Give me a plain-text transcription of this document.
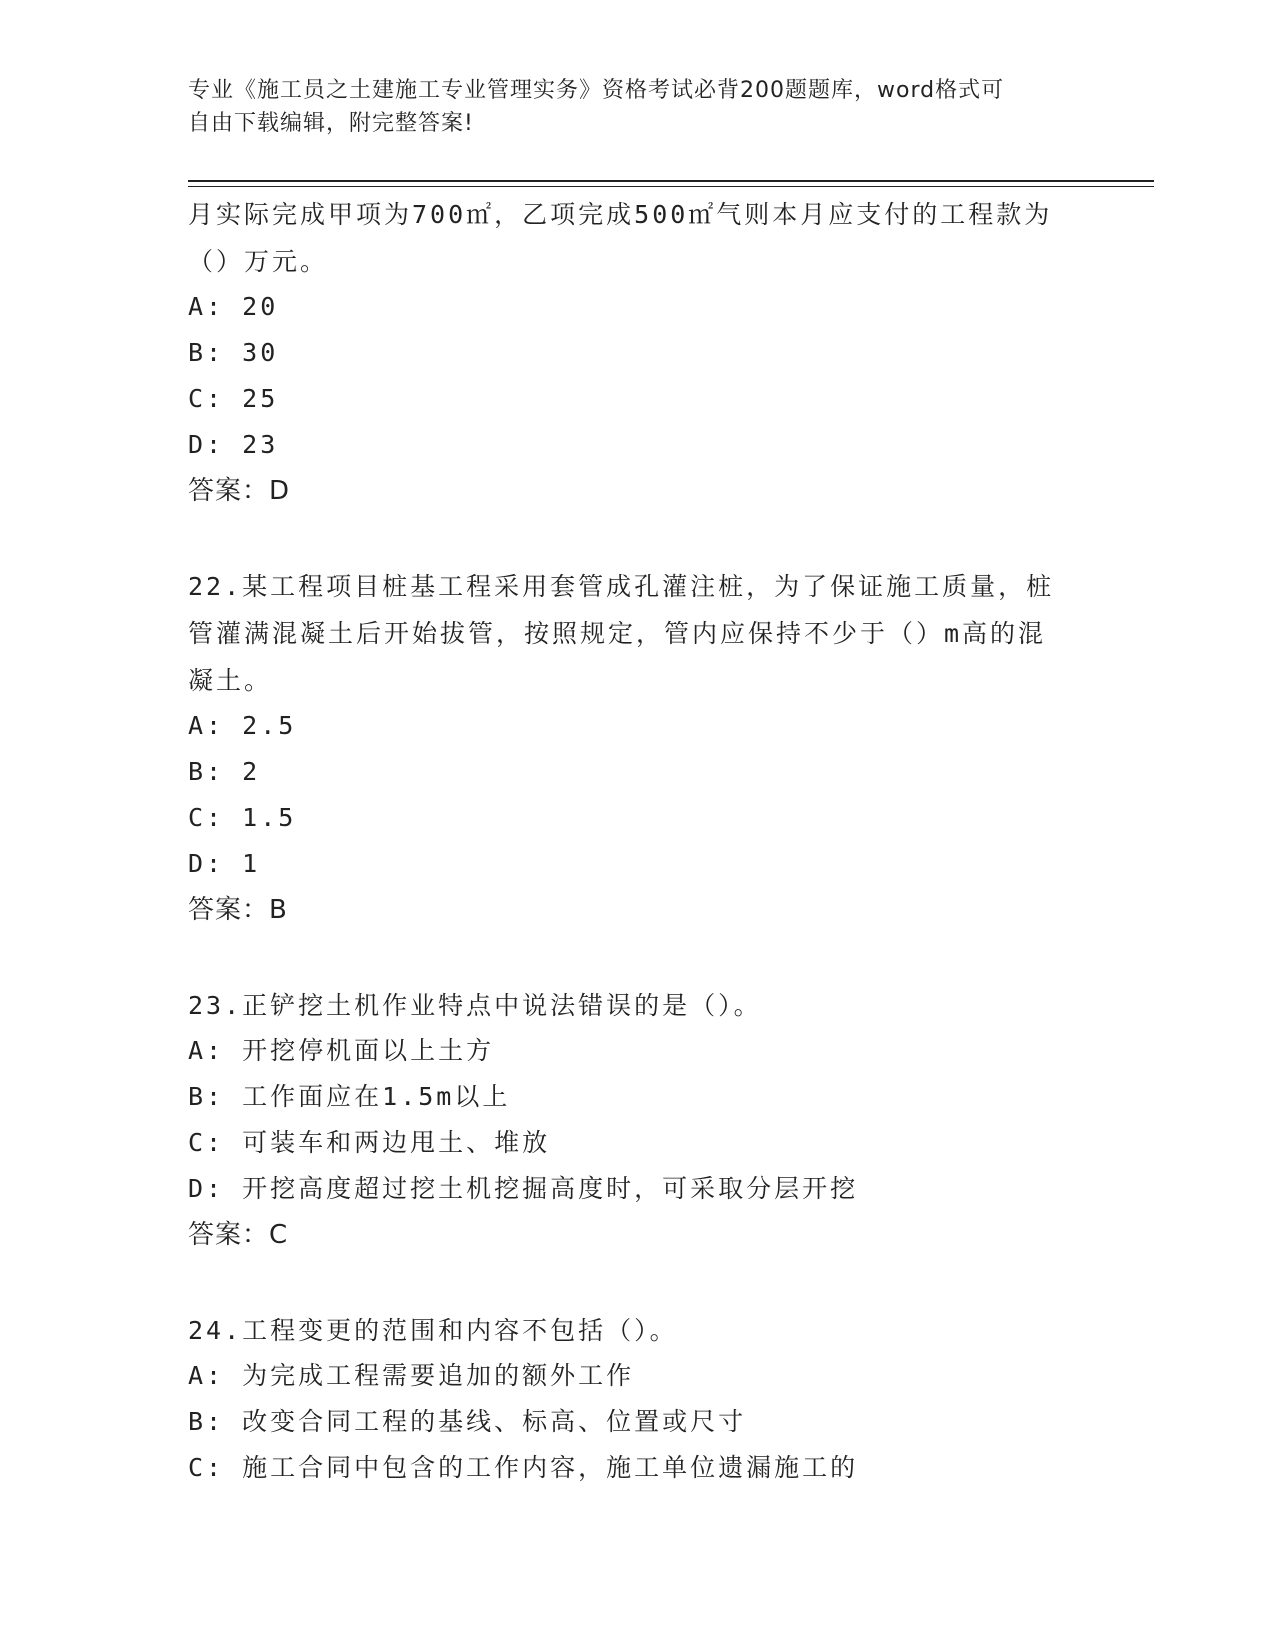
专业《施工员之土建施工专业管理实务》资格考试必背200题题库，word格式可
自由下载编辑，附完整答案!

月实际完成甲项为700㎡，乙项完成500㎡气则本月应支付的工程款为

（）万元。

A: 20

B: 30

C: 25

D: 23

答案：D

22.某工程项目桩基工程采用套管成孔灌注桩，为了保证施工质量，桩

管灌满混凝土后开始拔管，按照规定，管内应保持不少于（）m高的混

凝土。

A: 2.5

B: 2

C: 1.5

D: 1

答案：B

23.正铲挖土机作业特点中说法错误的是（）。

A: 开挖停机面以上土方

B: 工作面应在1.5m以上

C: 可装车和两边甩土、堆放

D: 开挖高度超过挖土机挖掘高度时，可采取分层开挖

答案：C

24.工程变更的范围和内容不包括（）。

A: 为完成工程需要追加的额外工作

B: 改变合同工程的基线、标高、位置或尺寸

C: 施工合同中包含的工作内容，施工单位遗漏施工的
